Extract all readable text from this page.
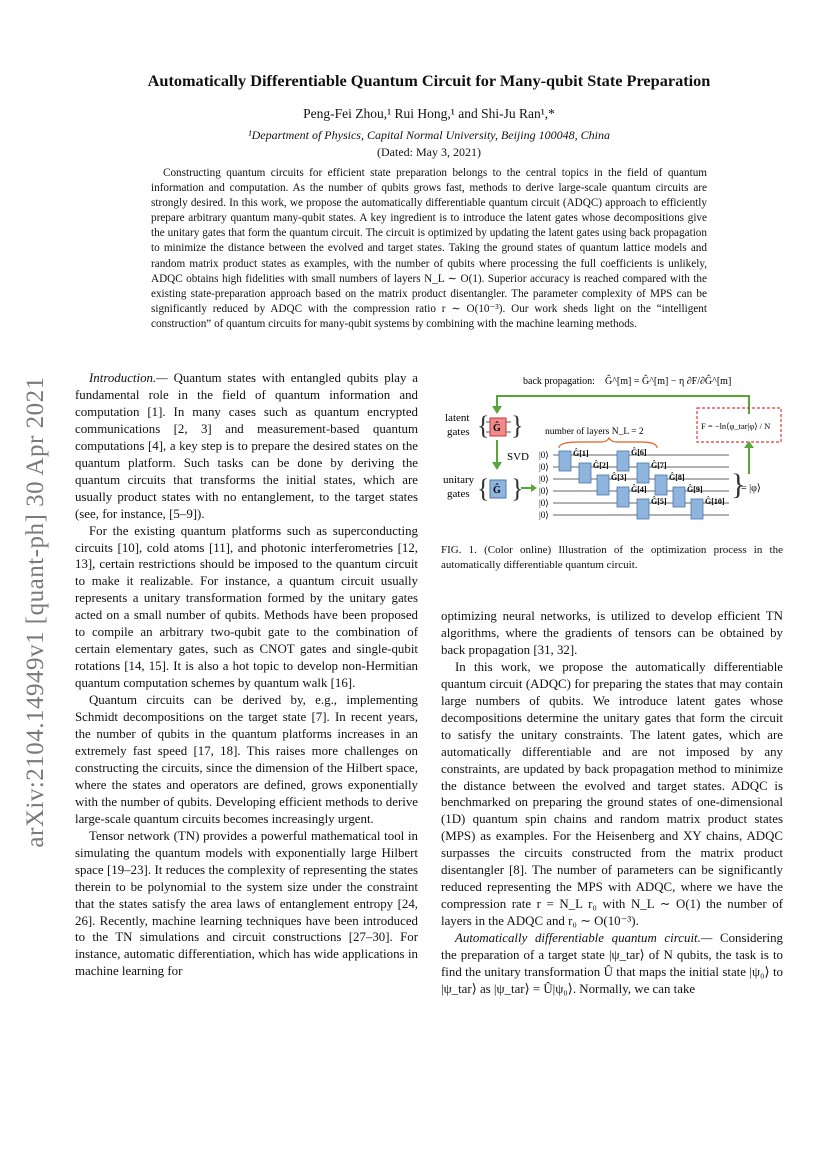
arXiv:2104.14949v1 [quant-ph] 30 Apr 2021
Automatically Differentiable Quantum Circuit for Many-qubit State Preparation
Peng-Fei Zhou,¹ Rui Hong,¹ and Shi-Ju Ran¹,*
¹Department of Physics, Capital Normal University, Beijing 100048, China
(Dated: May 3, 2021)
Constructing quantum circuits for efficient state preparation belongs to the central topics in the field of quantum information and computation. As the number of qubits grows fast, methods to derive large-scale quantum circuits are strongly desired. In this work, we propose the automatically differentiable quantum circuit (ADQC) approach to efficiently prepare arbitrary quantum many-qubit states. A key ingredient is to introduce the latent gates whose decompositions give the unitary gates that form the quantum circuit. The circuit is optimized by updating the latent gates using back propagation to minimize the distance between the evolved and target states. Taking the ground states of quantum lattice models and random matrix product states as examples, with the number of qubits where processing the full coefficients is unlikely, ADQC obtains high fidelities with small numbers of layers N_L ∼ O(1). Superior accuracy is reached compared with the existing state-preparation approach based on the matrix product disentangler. The parameter complexity of MPS can be significantly reduced by ADQC with the compression ratio r ∼ O(10⁻³). Our work sheds light on the “intelligent construction” of quantum circuits for many-qubit systems by combining with the machine learning methods.

Introduction.— Quantum states with entangled qubits play a fundamental role in the field of quantum information and computation [1]. In many cases such as quantum encrypted communications [2, 3] and measurement-based quantum computations [4], a key step is to prepare the desired states on the quantum platform. Such tasks can be done by deriving the quantum circuits that transforms the initial states, which are usually product states with no entanglement, to the target states (see, for instance, [5–9]).

For the existing quantum platforms such as superconducting circuits [10], cold atoms [11], and photonic interferometries [12, 13], certain restrictions should be imposed to the quantum circuit to make it realizable. For instance, a quantum circuit usually represents a unitary transformation formed by the unitary gates acted on a small number of qubits. Methods have been proposed to compile an arbitrary two-qubit gate to the combination of certain elementary gates, such as CNOT gates and single-qubit rotations [14, 15]. It is also a hot topic to develop non-Hermitian quantum computation schemes by quantum walk [16].

Quantum circuits can be derived by, e.g., implementing Schmidt decompositions on the target state [7]. In recent years, the number of qubits in the quantum platforms increases in an extremely fast speed [17, 18]. This raises more challenges on constructing the circuits, since the dimension of the Hilbert space, where the states and operators are defined, grows exponentially with the number of qubits. Developing efficient methods to derive large-scale quantum circuits becomes increasingly urgent.

Tensor network (TN) provides a powerful mathematical tool in simulating the quantum models with exponentially large Hilbert space [19–23]. It reduces the complexity of representing the states therein to be polynomial to the system size under the constraint that the states satisfy the area laws of entanglement entropy [24, 26]. Recently, machine learning techniques have been introduced to the TN simulations and circuit constructions [27–30]. For instance, automatic differentiation, which has wide applications in machine learning for

back propagation: Ĝ^[m] = Ĝ^[m] − η ∂F/∂Ĝ^[m]
latent
gates { Ĝ }
SVD
unitary
gates { Ĝ }
number of layers N_L = 2
|0⟩
|0⟩
|0⟩
|0⟩
|0⟩
|0⟩
Ĝ[1]
Ĝ[2]
Ĝ[3]
Ĝ[4]
Ĝ[5]
Ĝ[6]
Ĝ[7]
Ĝ[8]
Ĝ[9]
Ĝ[10]
F = −ln⟨φ_tar|φ⟩ / N
}
= |φ⟩
FIG. 1. (Color online) Illustration of the optimization process in the automatically differentiable quantum circuit.

optimizing neural networks, is utilized to develop efficient TN algorithms, where the gradients of tensors can be obtained by back propagation [31, 32].

In this work, we propose the automatically differentiable quantum circuit (ADQC) for preparing the states that may contain large numbers of qubits. We introduce latent gates whose decompositions determine the unitary gates that form the circuit to satisfy the unitary constraints. The latent gates, which are automatically differentiable and are not imposed by any constraints, are updated by back propagation method to minimize the distance between the evolved and target states. ADQC is benchmarked on preparing the ground states of one-dimensional (1D) quantum spin chains and random matrix product states (MPS) as examples. For the Heisenberg and XY chains, ADQC surpasses the circuits constructed from the matrix product disentangler [8]. The number of parameters can be significantly reduced representing the MPS with ADQC, where we have the compression rate r = N_L r₀ with N_L ∼ O(1) the number of layers in the ADQC and r₀ ∼ O(10⁻³).

Automatically differentiable quantum circuit.— Considering the preparation of a target state |ψ_tar⟩ of N qubits, the task is to find the unitary transformation Û that maps the initial state |ψ₀⟩ to |ψ_tar⟩ as |ψ_tar⟩ = Û|ψ₀⟩. Normally, we can take
